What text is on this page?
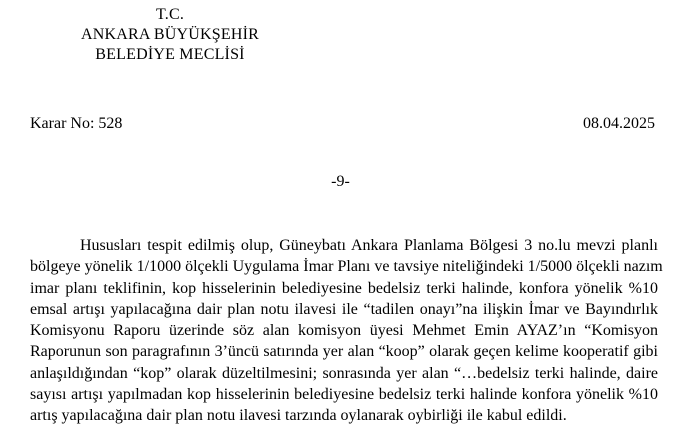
T.C.
ANKARA BÜYÜKŞEHİR
BELEDİYE MECLİSİ
Karar No: 528	08.04.2025
-9-
Hususları tespit edilmiş olup, Güneybatı Ankara Planlama Bölgesi 3 no.lu mevzi planlı
bölgeye yönelik 1/1000 ölçekli Uygulama İmar Planı ve tavsiye niteliğindeki 1/5000 ölçekli nazım
imar planı teklifinin, kop hisselerinin belediyesine bedelsiz terki halinde, konfora yönelik %10
emsal artışı yapılacağına dair plan notu ilavesi ile “tadilen onayı”na ilişkin İmar ve Bayındırlık
Komisyonu Raporu üzerinde söz alan komisyon üyesi Mehmet Emin AYAZ’ın “Komisyon
Raporunun son paragrafının 3’üncü satırında yer alan “koop” olarak geçen kelime kooperatif gibi
anlaşıldığından “kop” olarak düzeltilmesini; sonrasında yer alan “…bedelsiz terki halinde, daire
sayısı artışı yapılmadan kop hisselerinin belediyesine bedelsiz terki halinde konfora yönelik %10
artış yapılacağına dair plan notu ilavesi tarzında oylanarak oybirliği ile kabul edildi.
